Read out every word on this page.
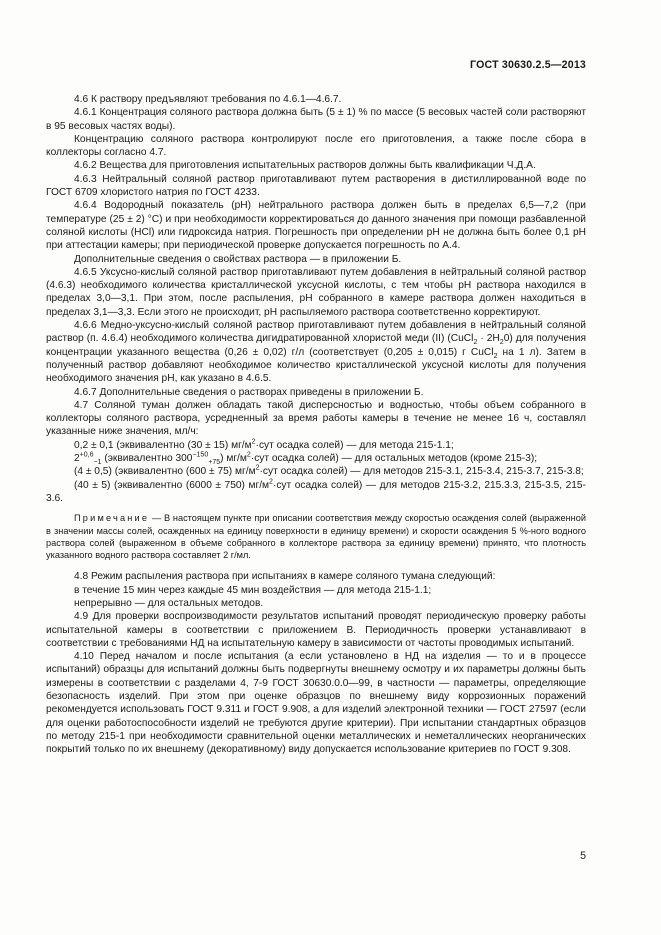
ГОСТ 30630.2.5—2013

4.6 К раствору предъявляют требования по 4.6.1—4.6.7.

4.6.1 Концентрация соляного раствора должна быть (5 ± 1) % по массе (5 весовых частей соли растворяют в 95 весовых частях воды).

Концентрацию соляного раствора контролируют после его приготовления, а также после сбора в коллекторы согласно 4.7.

4.6.2 Вещества для приготовления испытательных растворов должны быть квалификации Ч.Д.А.

4.6.3 Нейтральный соляной раствор приготавливают путем растворения в дистиллированной воде по ГОСТ 6709 хлористого натрия по ГОСТ 4233.

4.6.4 Водородный показатель (pH) нейтрального раствора должен быть в пределах 6,5—7,2 (при температуре (25 ± 2) °C) и при необходимости корректироваться до данного значения при помощи разбавленной соляной кислоты (HCl) или гидроксида натрия. Погрешность при определении pH не должна быть более 0,1 pH при аттестации камеры; при периодической проверке допускается погрешность по А.4.

Дополнительные сведения о свойствах раствора — в приложении Б.

4.6.5 Уксусно-кислый соляной раствор приготавливают путем добавления в нейтральный соляной раствор (4.6.3) необходимого количества кристаллической уксусной кислоты, с тем чтобы pH раствора находился в пределах 3,0—3,1. При этом, после распыления, pH собранного в камере раствора должен находиться в пределах 3,1—3,3. Если этого не происходит, pH распыляемого раствора соответственно корректируют.

4.6.6 Медно-уксусно-кислый соляной раствор приготавливают путем добавления в нейтральный соляной раствор (п. 4.6.4) необходимого количества дигидратированной хлористой меди (II) (CuCl$_2$ · $2H_20$) для получения концентрации указанного вещества (0,26 ± 0,02) г/л (соответствует (0,205 ± 0,015) г CuCl$_2$ на 1 л). Затем в полученный раствор добавляют необходимое количество кристаллической уксусной кислоты для получения необходимого значения pH, как указано в 4.6.5.

4.6.7 Дополнительные сведения о растворах приведены в приложении Б.

4.7 Соляной туман должен обладать такой дисперсностью и водностью, чтобы объем собранного в коллекторы соляного раствора, усредненный за время работы камеры в течение не менее 16 ч, составлял указанные ниже значения, мл/ч:

0,2 ± 0,1 (эквивалентно (30 ± 15) $мг/м^2\cdot сут$ осадка солей) — для метода 215-1.1;

$2^{+0,6}_{-1}$ (эквивалентно $300^{-150}_{+75}$) $мг/м^2\cdot сут$ осадка солей) — для остальных методов (кроме 215-3);

(4 ± 0,5) (эквивалентно (600 ± 75) $мг/м^2\cdot сут$ осадка солей) — для методов 215-3.1, 215-3.4, 215-3.7, 215-3.8;

(40 ± 5) (эквивалентно (6000 ± 750) $мг/м^2\cdot сут$ осадка солей) — для методов 215-3.2, 215.3.3, 215-3.5, 215-3.6.

Примечание — В настоящем пункте при описании соответствия между скоростью осаждения солей (выраженной в значении массы солей, осажденных на единицу поверхности в единицу времени) и скорости осаждения 5 %-ного водного раствора солей (выраженном в объеме собранного в коллекторе раствора за единицу времени) принято, что плотность указанного водного раствора составляет 2 г/мл.

4.8 Режим распыления раствора при испытаниях в камере соляного тумана следующий:

в течение 15 мин через каждые 45 мин воздействия — для метода 215-1.1;

непрерывно — для остальных методов.

4.9 Для проверки воспроизводимости результатов испытаний проводят периодическую проверку работы испытательной камеры в соответствии с приложением В. Периодичность проверки устанавливают в соответствии с требованиями НД на испытательную камеру в зависимости от частоты проводимых испытаний.

4.10 Перед началом и после испытания (а если установлено в НД на изделия — то и в процессе испытаний) образцы для испытаний должны быть подвергнуты внешнему осмотру и их параметры должны быть измерены в соответствии с разделами 4, 7-9 ГОСТ 30630.0.0—99, в частности — параметры, определяющие безопасность изделий. При этом при оценке образцов по внешнему виду коррозионных поражений рекомендуется использовать ГОСТ 9.311 и ГОСТ 9.908, а для изделий электронной техники — ГОСТ 27597 (если для оценки работоспособности изделий не требуются другие критерии). При испытании стандартных образцов по методу 215-1 при необходимости сравнительной оценки металлических и неметаллических неорганических покрытий только по их внешнему (декоративному) виду допускается использование критериев по ГОСТ 9.308.

5
